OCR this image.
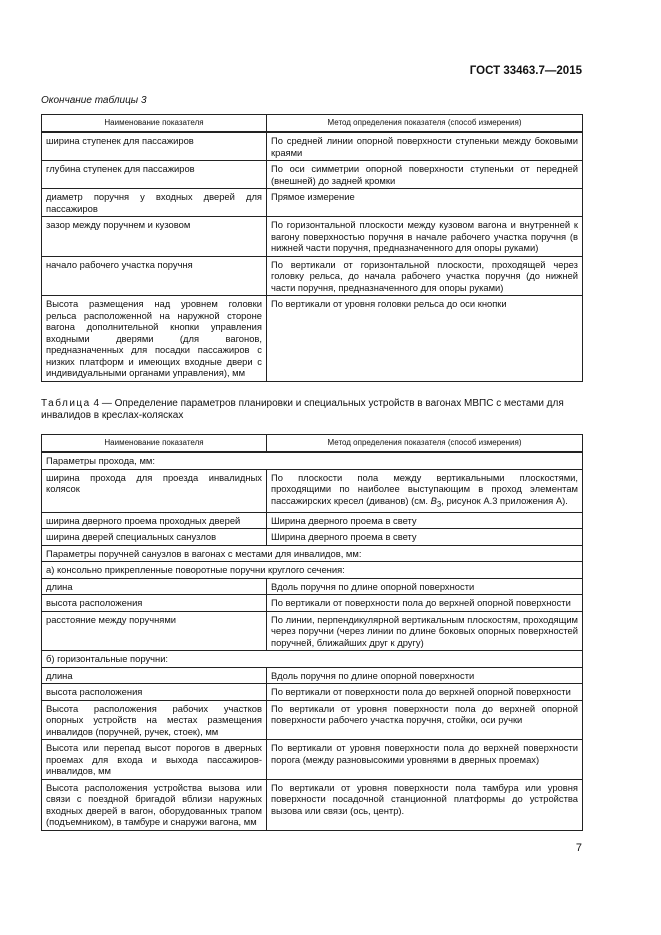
ГОСТ 33463.7—2015
Окончание таблицы 3
Наименование показателя	Метод определения показателя (способ измерения)
ширина ступенек для пассажиров	По средней линии опорной поверхности ступеньки между боковыми краями
глубина ступенек для пассажиров	По оси симметрии опорной поверхности ступеньки от передней (внешней) до задней кромки
диаметр поручня у входных дверей для пассажиров	Прямое измерение
зазор между поручнем и кузовом	По горизонтальной плоскости между кузовом вагона и внутренней к вагону поверхностью поручня в начале рабочего участка поручня (в нижней части поручня, предназначенного для опоры руками)
начало рабочего участка поручня	По вертикали от горизонтальной плоскости, проходящей через головку рельса, до начала рабочего участка поручня (до нижней части поручня, предназначенного для опоры руками)
Высота размещения над уровнем головки рельса расположенной на наружной стороне вагона дополнительной кнопки управления входными дверями (для вагонов, предназначенных для посадки пассажиров с низких платформ и имеющих входные двери с индивидуальными органами управления), мм	По вертикали от уровня головки рельса до оси кнопки
Таблица 4 — Определение параметров планировки и специальных устройств в вагонах МВПС с местами для инвалидов в креслах-колясках
Наименование показателя	Метод определения показателя (способ измерения)
Параметры прохода, мм:	
ширина прохода для проезда инвалидных колясок	По плоскости пола между вертикальными плоскостями, проходящими по наиболее выступающим в проход элементам пассажирских кресел (диванов) (см. $В_3$, рисунок А.3 приложения А).
ширина дверного проема проходных дверей	Ширина дверного проема в свету
ширина дверей специальных санузлов	Ширина дверного проема в свету
Параметры поручней санузлов в вагонах с местами для инвалидов, мм:	
а) консольно прикрепленные поворотные поручни круглого сечения:	
длина	Вдоль поручня по длине опорной поверхности
высота расположения	По вертикали от поверхности пола до верхней опорной поверхности
расстояние между поручнями	По линии, перпендикулярной вертикальным плоскостям, проходящим через поручни (через линии по длине боковых опорных поверхностей поручней, ближайших друг к другу)
б) горизонтальные поручни:	
длина	Вдоль поручня по длине опорной поверхности
высота расположения	По вертикали от поверхности пола до верхней опорной поверхности
Высота расположения рабочих участков опорных устройств на местах размещения инвалидов (поручней, ручек, стоек), мм	По вертикали от уровня поверхности пола до верхней опорной поверхности рабочего участка поручня, стойки, оси ручки
Высота или перепад высот порогов в дверных проемах для входа и выхода пассажиров-инвалидов, мм	По вертикали от уровня поверхности пола до верхней поверхности порога (между разновысокими уровнями в дверных проемах)
Высота расположения устройства вызова или связи с поездной бригадой вблизи наружных входных дверей в вагон, оборудованных трапом (подъемником), в тамбуре и снаружи вагона, мм	По вертикали от уровня поверхности пола тамбура или уровня поверхности посадочной станционной платформы до устройства вызова или связи (ось, центр).
7
